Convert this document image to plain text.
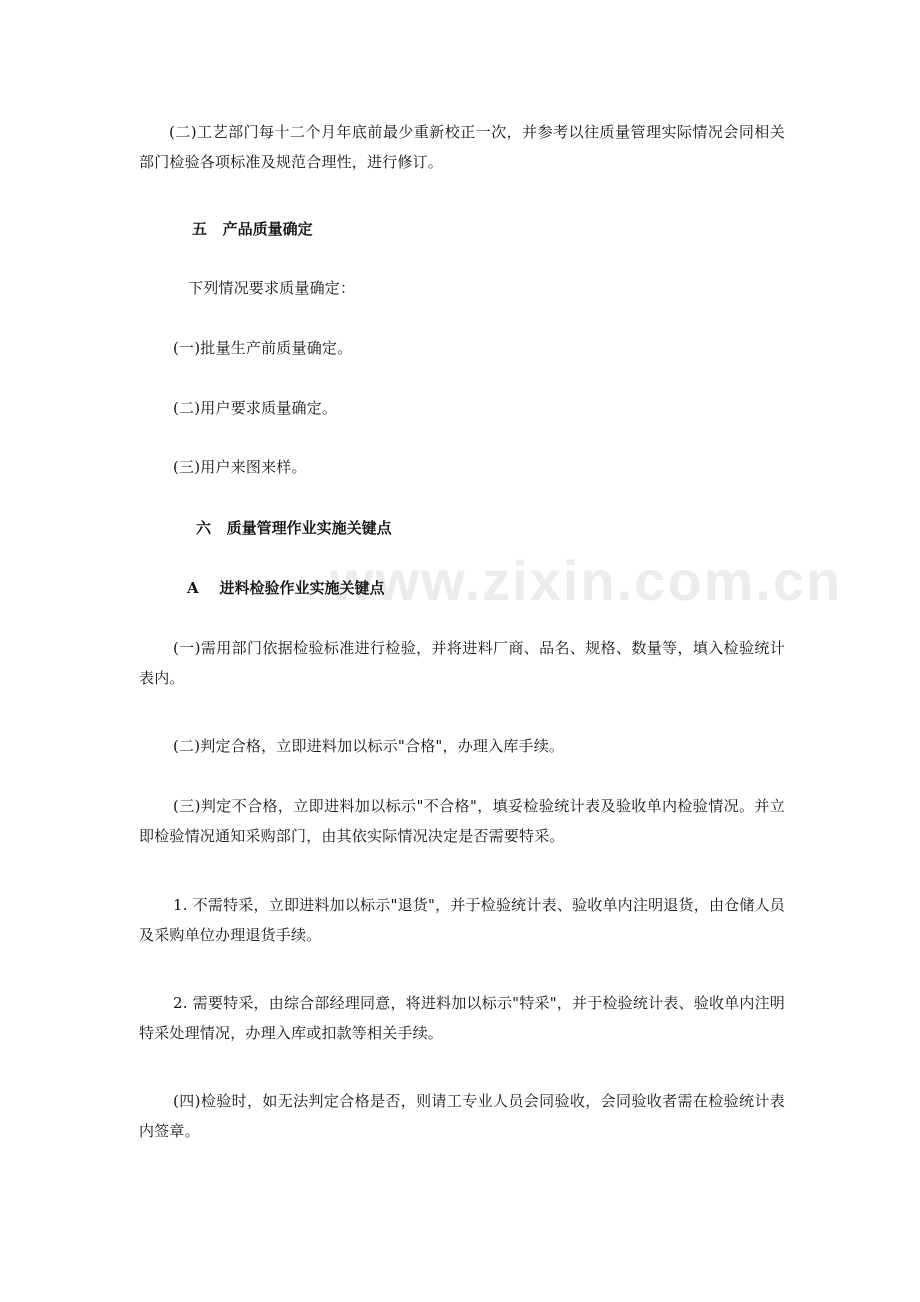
www.zixin.com.cn

(二)工艺部门每十二个月年底前最少重新校正一次，并参考以往质量管理实际情况会同相关部门检验各项标准及规范合理性，进行修订。

五   产品质量确定

下列情况要求质量确定：

(一)批量生产前质量确定。

(二)用户要求质量确定。

(三)用户来图来样。

六   质量管理作业实施关键点

A    进料检验作业实施关键点

(一)需用部门依据检验标准进行检验，并将进料厂商、品名、规格、数量等，填入检验统计表内。

(二)判定合格，立即进料加以标示"合格"，办理入库手续。

(三)判定不合格，立即进料加以标示"不合格"，填妥检验统计表及验收单内检验情况。并立即检验情况通知采购部门，由其依实际情况决定是否需要特采。

1. 不需特采，立即进料加以标示"退货"，并于检验统计表、验收单内注明退货，由仓储人员及采购单位办理退货手续。

2. 需要特采，由综合部经理同意，将进料加以标示"特采"，并于检验统计表、验收单内注明特采处理情况，办理入库或扣款等相关手续。

(四)检验时，如无法判定合格是否，则请工专业人员会同验收，会同验收者需在检验统计表内签章。
